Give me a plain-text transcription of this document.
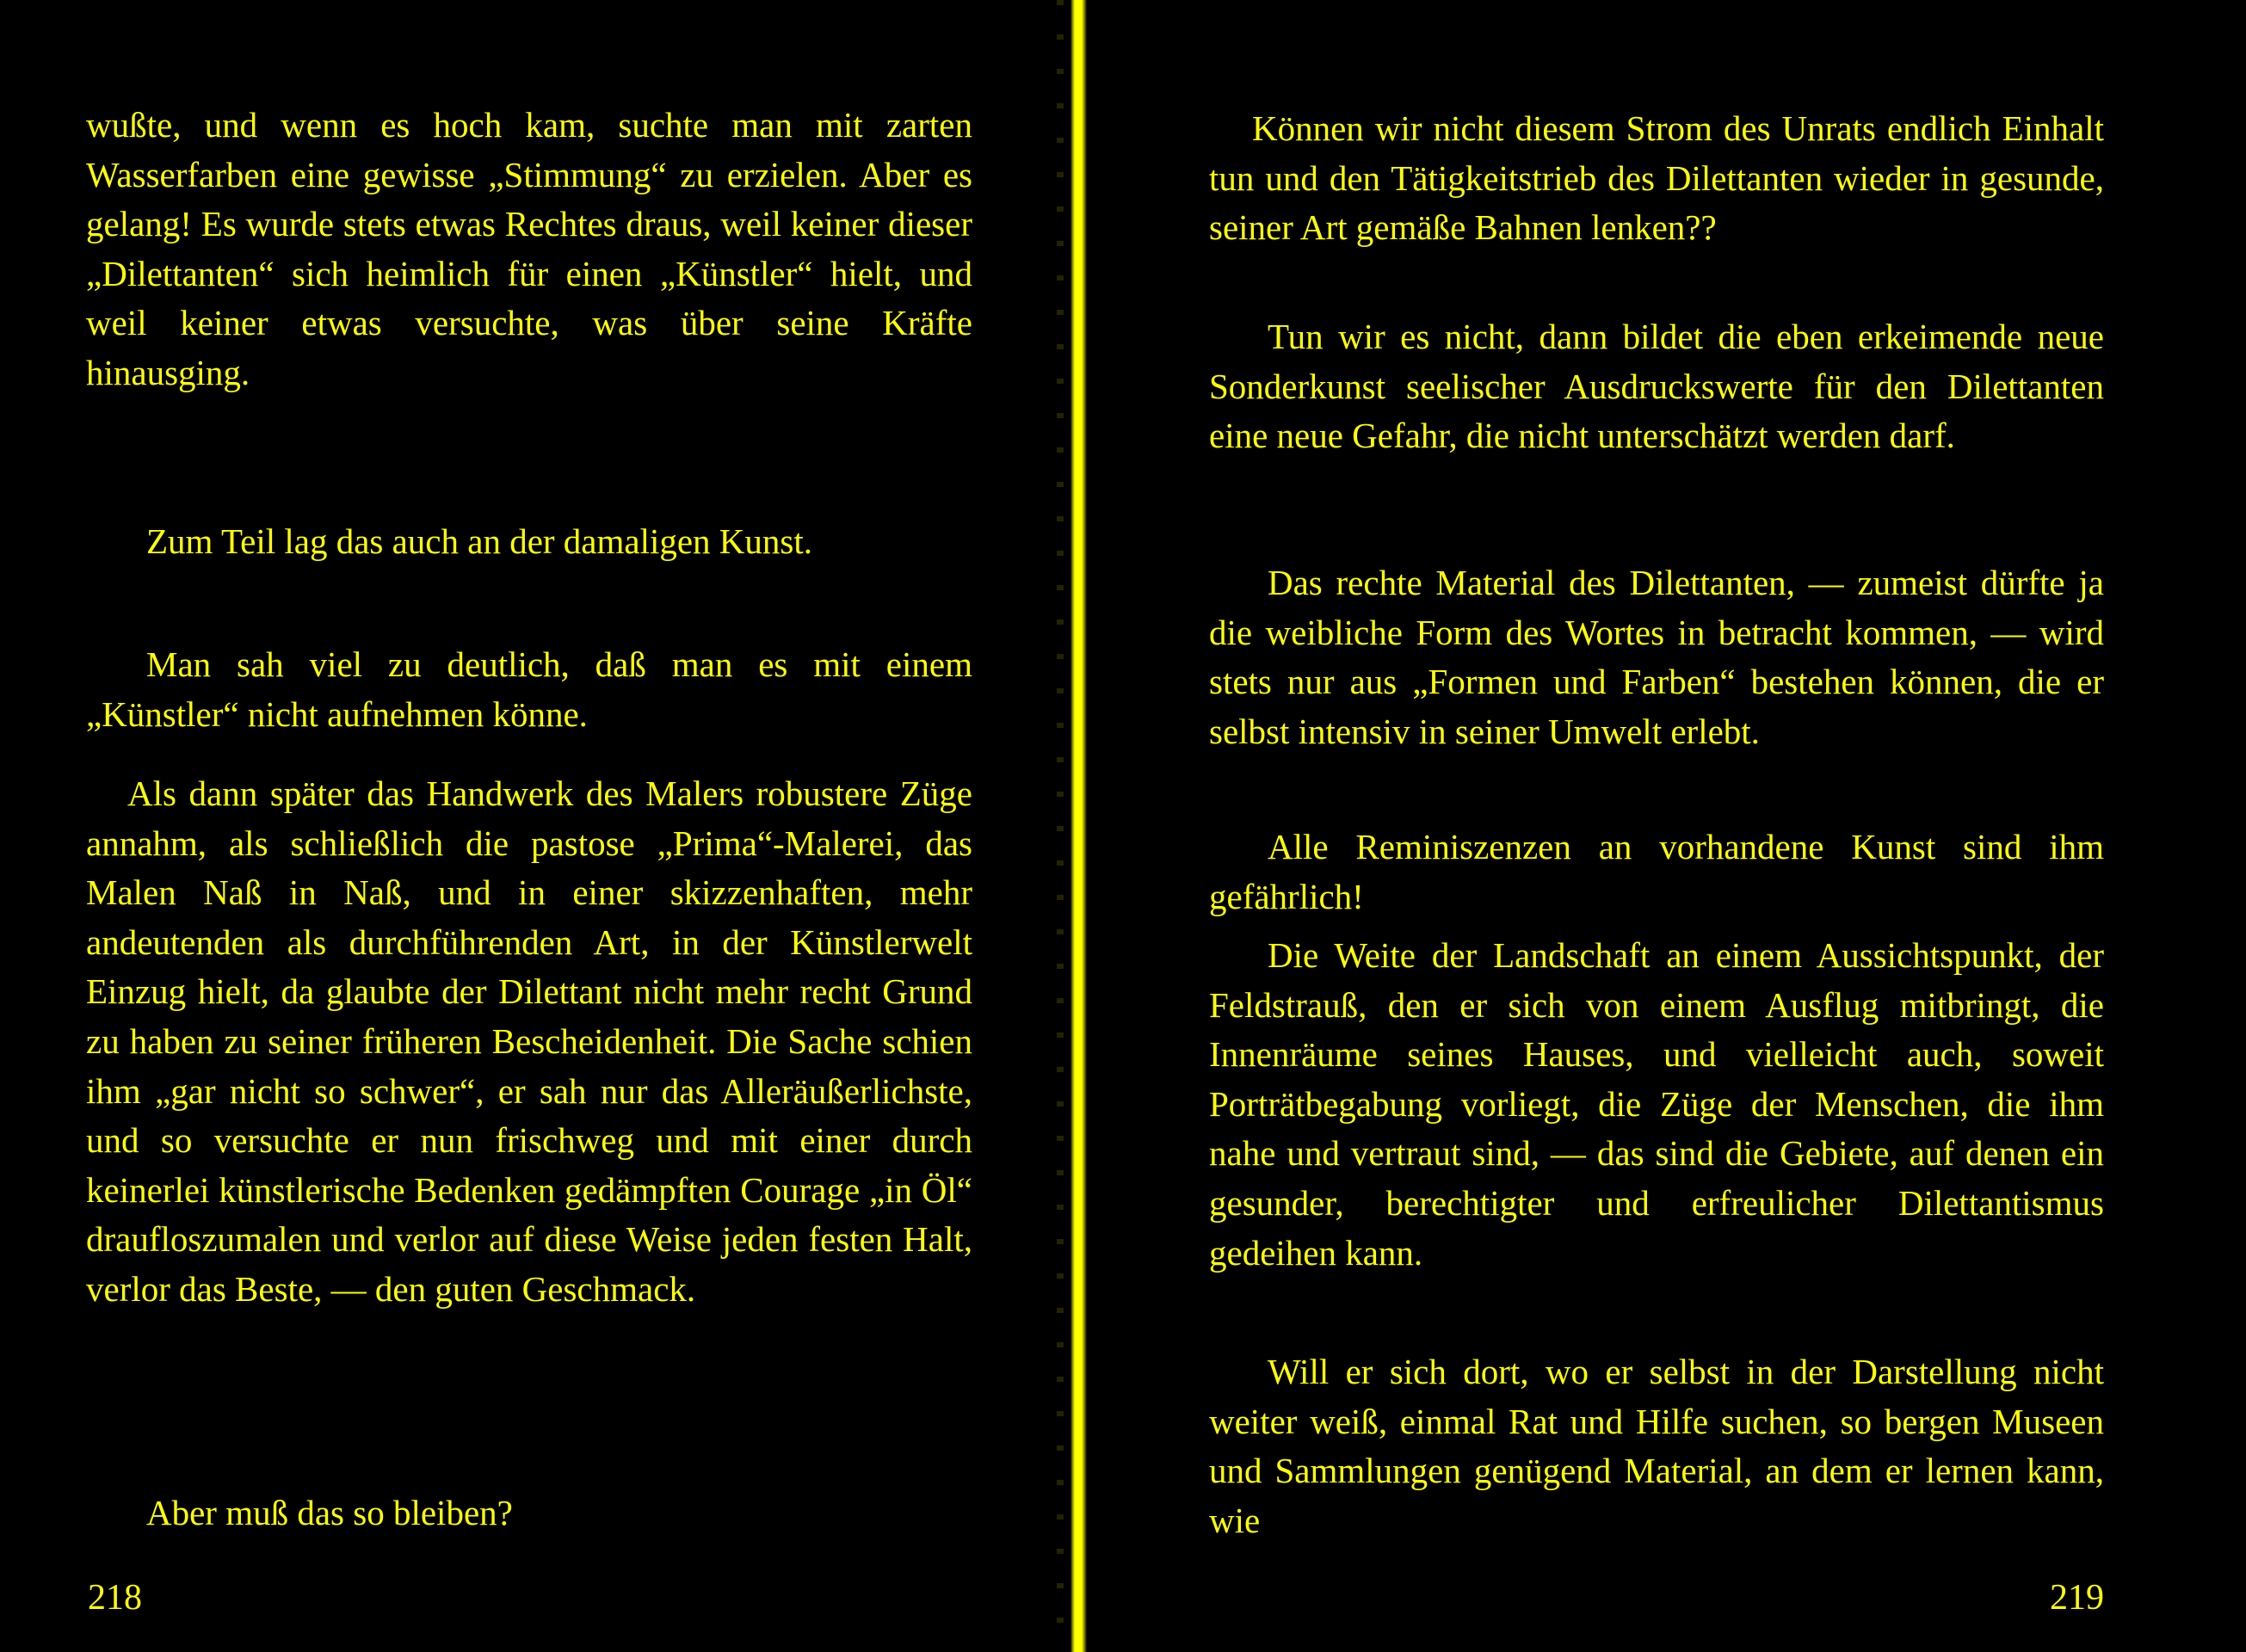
wußte, und wenn es hoch kam, suchte man mit zarten Wasserfarben eine gewisse „Stimmung“ zu erzielen. Aber es gelang! Es wurde stets etwas Rechtes draus, weil keiner dieser „Dilettanten“ sich heimlich für einen „Künstler“ hielt, und weil keiner etwas versuchte, was über seine Kräfte hinausging.

Zum Teil lag das auch an der damaligen Kunst.

Man sah viel zu deutlich, daß man es mit einem „Künstler“ nicht aufnehmen könne.

Als dann später das Handwerk des Malers robustere Züge annahm, als schließlich die pastose „Prima“-Malerei, das Malen Naß in Naß, und in einer skizzenhaften, mehr andeutenden als durchführenden Art, in der Künstlerwelt Einzug hielt, da glaubte der Dilettant nicht mehr recht Grund zu haben zu seiner früheren Bescheidenheit. Die Sache schien ihm „gar nicht so schwer“, er sah nur das Alleräußerlichste, und so versuchte er nun frischweg und mit einer durch keinerlei künstlerische Bedenken gedämpften Courage „in Öl“ draufloszumalen und verlor auf diese Weise jeden festen Halt, verlor das Beste, — den guten Geschmack.

Aber muß das so bleiben?

218

Können wir nicht diesem Strom des Unrats endlich Einhalt tun und den Tätigkeitstrieb des Dilettanten wieder in gesunde, seiner Art gemäße Bahnen lenken??

Tun wir es nicht, dann bildet die eben erkeimende neue Sonderkunst seelischer Ausdruckswerte für den Dilettanten eine neue Gefahr, die nicht unterschätzt werden darf.

Das rechte Material des Dilettanten, — zumeist dürfte ja die weibliche Form des Wortes in betracht kommen, — wird stets nur aus „Formen und Farben“ bestehen können, die er selbst intensiv in seiner Umwelt erlebt.

Alle Reminiszenzen an vorhandene Kunst sind ihm gefährlich!

Die Weite der Landschaft an einem Aussichtspunkt, der Feldstrauß, den er sich von einem Ausflug mitbringt, die Innenräume seines Hauses, und vielleicht auch, soweit Porträtbegabung vorliegt, die Züge der Menschen, die ihm nahe und vertraut sind, — das sind die Gebiete, auf denen ein gesunder, berechtigter und erfreulicher Dilettantismus gedeihen kann.

Will er sich dort, wo er selbst in der Darstellung nicht weiter weiß, einmal Rat und Hilfe suchen, so bergen Museen und Sammlungen genügend Material, an dem er lernen kann, wie

219
